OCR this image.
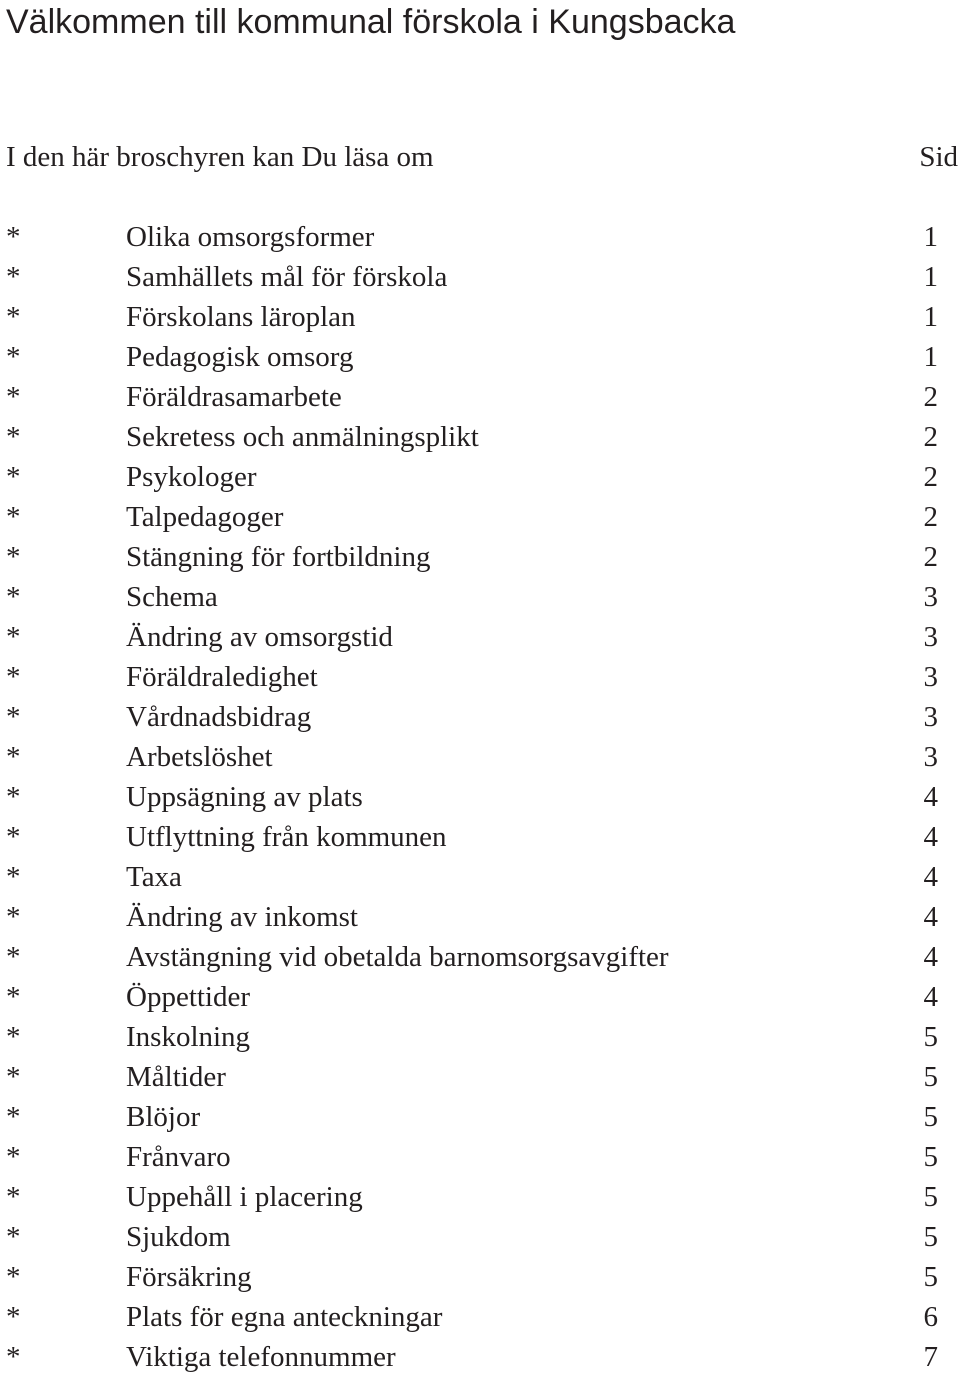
Välkommen till kommunal förskola i Kungsbacka
I den här broschyren kan Du läsa om	Sid
*	Olika omsorgsformer	1
*	Samhällets mål för förskola	1
*	Förskolans läroplan	1
*	Pedagogisk omsorg	1
*	Föräldrasamarbete	2
*	Sekretess och anmälningsplikt	2
*	Psykologer	2
*	Talpedagoger	2
*	Stängning för fortbildning	2
*	Schema	3
*	Ändring av omsorgstid	3
*	Föräldraledighet	3
*	Vårdnadsbidrag	3
*	Arbetslöshet	3
*	Uppsägning av plats	4
*	Utflyttning från kommunen	4
*	Taxa	4
*	Ändring av inkomst	4
*	Avstängning vid obetalda barnomsorgsavgifter	4
*	Öppettider	4
*	Inskolning	5
*	Måltider	5
*	Blöjor	5
*	Frånvaro	5
*	Uppehåll i placering	5
*	Sjukdom	5
*	Försäkring	5
*	Plats för egna anteckningar	6
*	Viktiga telefonnummer	7
